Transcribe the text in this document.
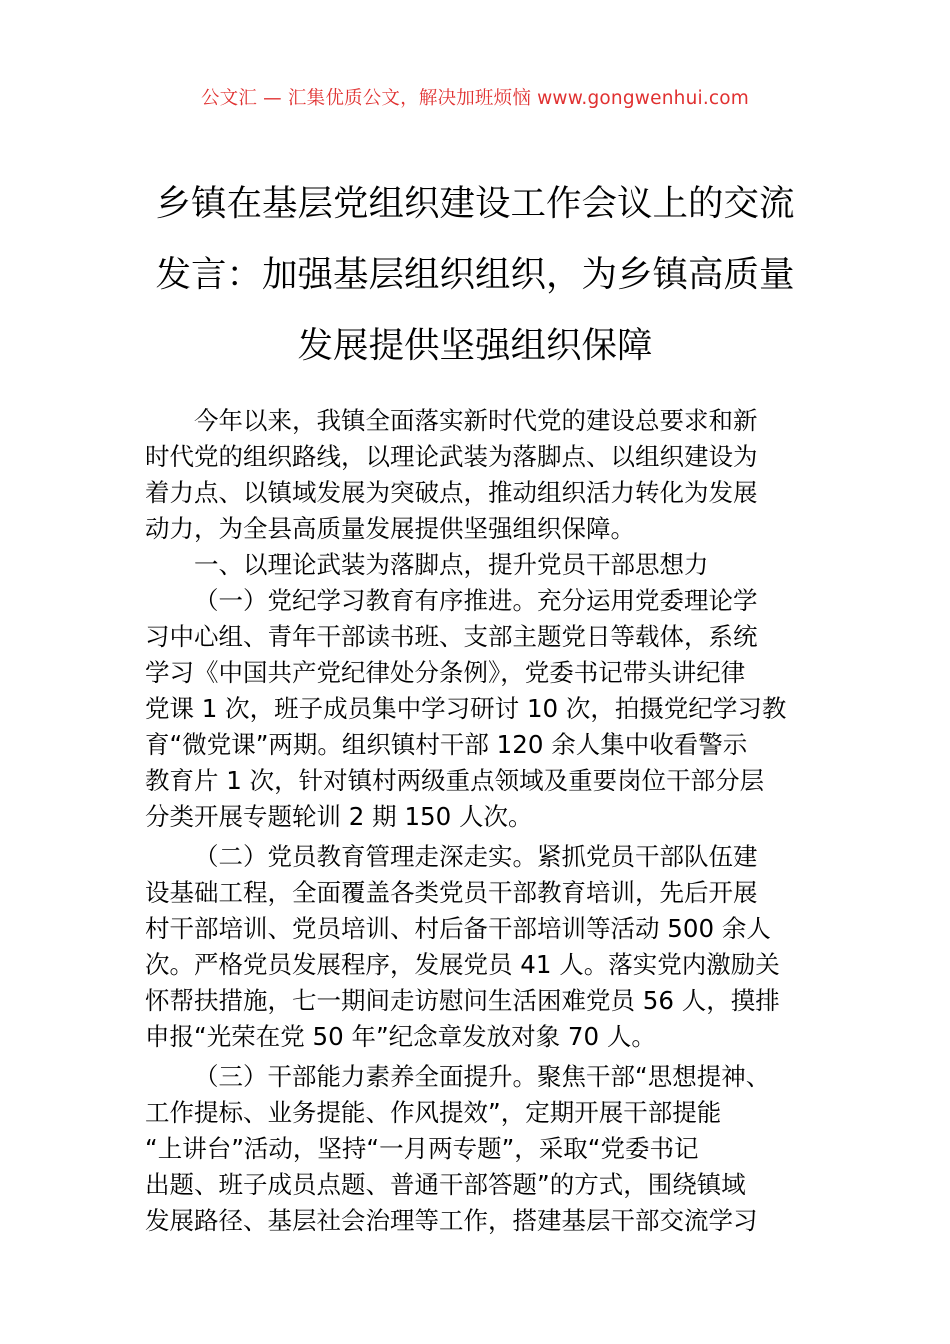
公文汇 — 汇集优质公文，解决加班烦恼 www.gongwenhui.com
乡镇在基层党组织建设工作会议上的交流
发言：加强基层组织组织，为乡镇高质量
发展提供坚强组织保障
今年以来，我镇全面落实新时代党的建设总要求和新
时代党的组织路线，以理论武装为落脚点、以组织建设为
着力点、以镇域发展为突破点，推动组织活力转化为发展
动力，为全县高质量发展提供坚强组织保障。
一、以理论武装为落脚点，提升党员干部思想力
（一）党纪学习教育有序推进。充分运用党委理论学
习中心组、青年干部读书班、支部主题党日等载体，系统
学习《中国共产党纪律处分条例》，党委书记带头讲纪律
党课 1 次，班子成员集中学习研讨 10 次，拍摄党纪学习教
育“微党课”两期。组织镇村干部 120 余人集中收看警示
教育片 1 次，针对镇村两级重点领域及重要岗位干部分层
分类开展专题轮训 2 期 150 人次。
（二）党员教育管理走深走实。紧抓党员干部队伍建
设基础工程，全面覆盖各类党员干部教育培训，先后开展
村干部培训、党员培训、村后备干部培训等活动 500 余人
次。严格党员发展程序，发展党员 41 人。落实党内激励关
怀帮扶措施，七一期间走访慰问生活困难党员 56 人，摸排
申报“光荣在党 50 年”纪念章发放对象 70 人。
（三）干部能力素养全面提升。聚焦干部“思想提神、
工作提标、业务提能、作风提效”，定期开展干部提能
“上讲台”活动，坚持“一月两专题”，采取“党委书记
出题、班子成员点题、普通干部答题”的方式，围绕镇域
发展路径、基层社会治理等工作，搭建基层干部交流学习
